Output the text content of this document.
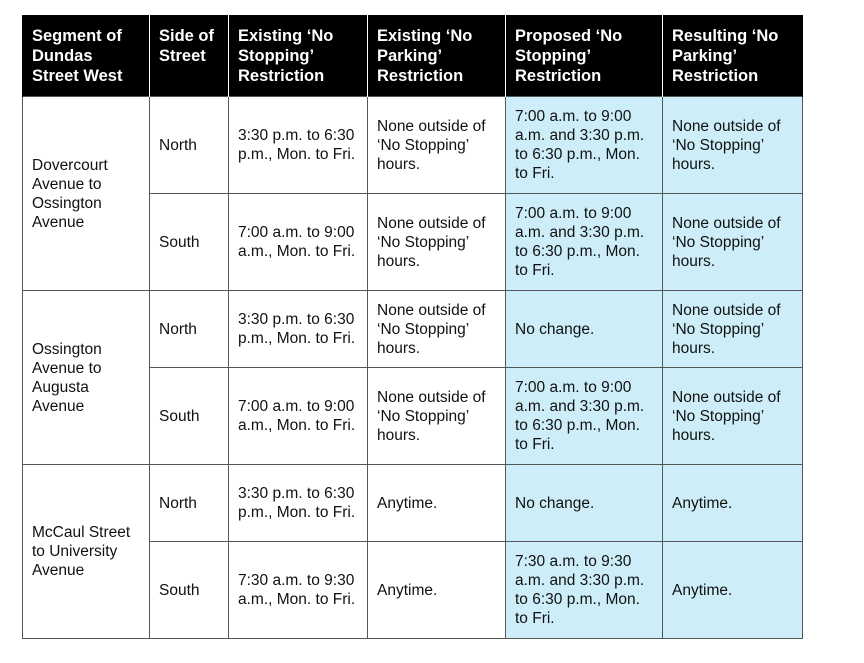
Segment of Dundas Street West	Side of Street	Existing ‘No Stopping’ Restriction	Existing ‘No Parking’ Restriction	Proposed ‘No Stopping’ Restriction	Resulting ‘No Parking’ Restriction
Dovercourt Avenue to Ossington Avenue	North	3:30 p.m. to 6:30 p.m., Mon. to Fri.	None outside of ‘No Stopping’ hours.	7:00 a.m. to 9:00 a.m. and 3:30 p.m. to 6:30 p.m., Mon. to Fri.	None outside of ‘No Stopping’ hours.
	South	7:00 a.m. to 9:00 a.m., Mon. to Fri.	None outside of ‘No Stopping’ hours.	7:00 a.m. to 9:00 a.m. and 3:30 p.m. to 6:30 p.m., Mon. to Fri.	None outside of ‘No Stopping’ hours.
Ossington Avenue to Augusta Avenue	North	3:30 p.m. to 6:30 p.m., Mon. to Fri.	None outside of ‘No Stopping’ hours.	No change.	None outside of ‘No Stopping’ hours.
	South	7:00 a.m. to 9:00 a.m., Mon. to Fri.	None outside of ‘No Stopping’ hours.	7:00 a.m. to 9:00 a.m. and 3:30 p.m. to 6:30 p.m., Mon. to Fri.	None outside of ‘No Stopping’ hours.
McCaul Street to University Avenue	North	3:30 p.m. to 6:30 p.m., Mon. to Fri.	Anytime.	No change.	Anytime.
	South	7:30 a.m. to 9:30 a.m., Mon. to Fri.	Anytime.	7:30 a.m. to 9:30 a.m. and 3:30 p.m. to 6:30 p.m., Mon. to Fri.	Anytime.
